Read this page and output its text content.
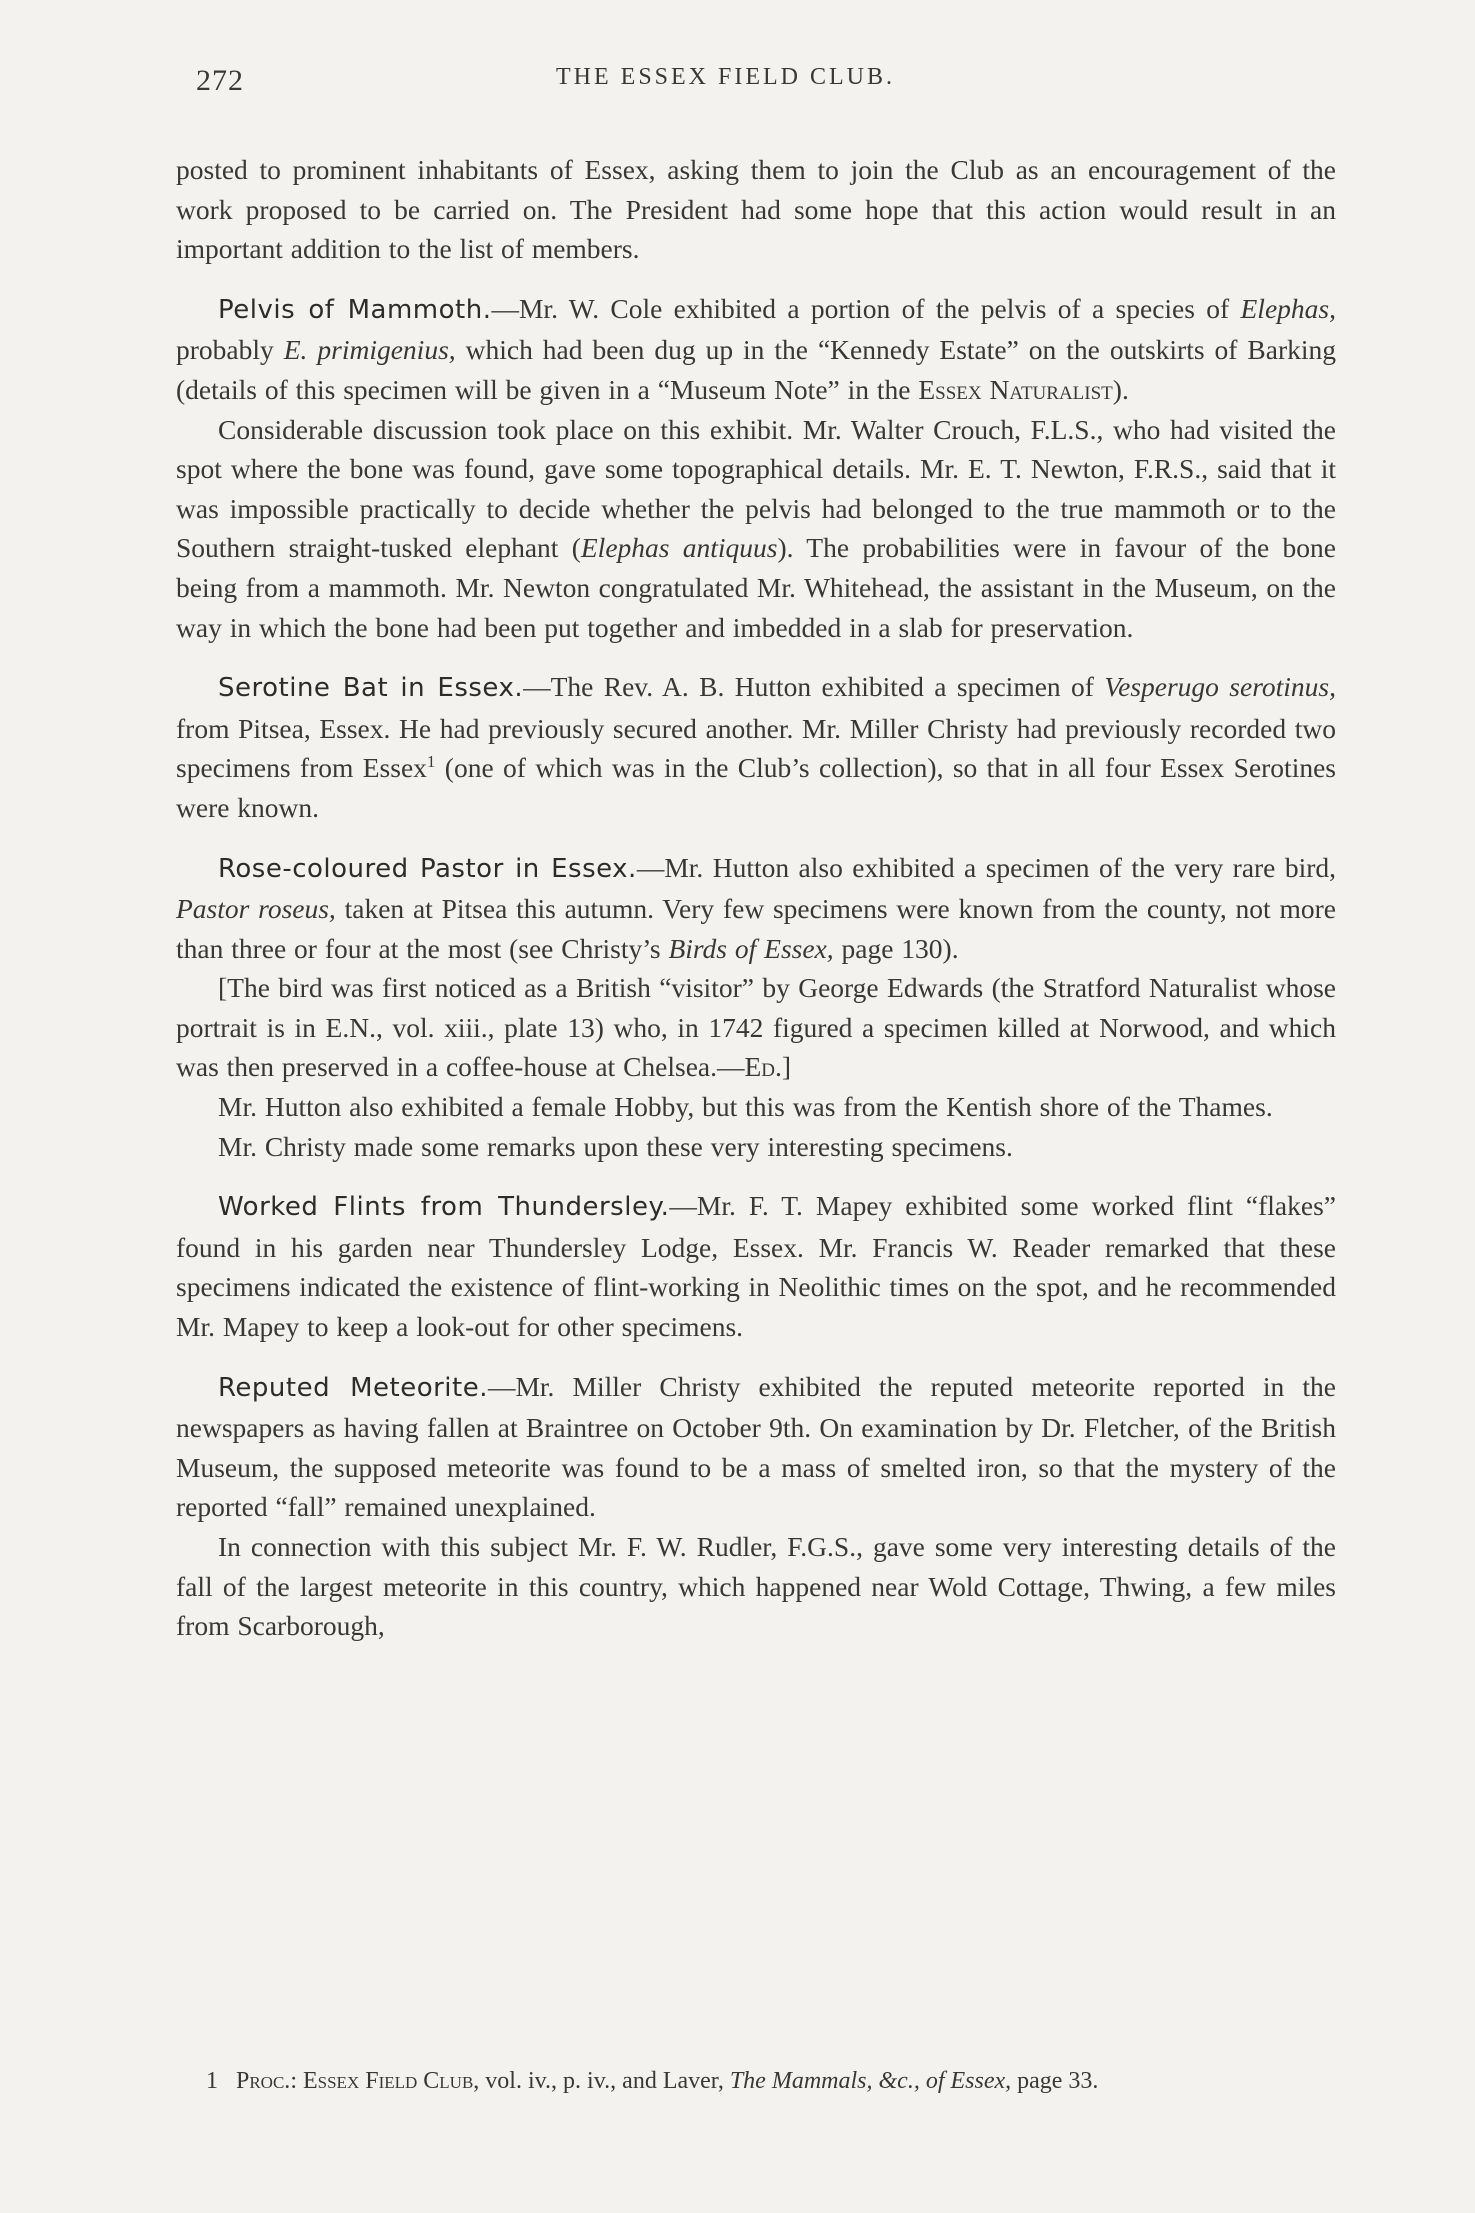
272	THE ESSEX FIELD CLUB.

posted to prominent inhabitants of Essex, asking them to join the Club as an encouragement of the work proposed to be carried on. The President had some hope that this action would result in an important addition to the list of members.

Pelvis of Mammoth.—Mr. W. Cole exhibited a portion of the pelvis of a species of Elephas, probably E. primigenius, which had been dug up in the “Kennedy Estate” on the outskirts of Barking (details of this specimen will be given in a “Museum Note” in the Essex Naturalist).

Considerable discussion took place on this exhibit. Mr. Walter Crouch, F.L.S., who had visited the spot where the bone was found, gave some topographical details. Mr. E. T. Newton, F.R.S., said that it was impossible practically to decide whether the pelvis had belonged to the true mammoth or to the Southern straight-tusked elephant (Elephas antiquus). The probabilities were in favour of the bone being from a mammoth. Mr. Newton congratulated Mr. Whitehead, the assistant in the Museum, on the way in which the bone had been put together and imbedded in a slab for preservation.

Serotine Bat in Essex.—The Rev. A. B. Hutton exhibited a specimen of Vesperugo serotinus, from Pitsea, Essex. He had previously secured another. Mr. Miller Christy had previously recorded two specimens from Essex$^1$ (one of which was in the Club’s collection), so that in all four Essex Serotines were known.

Rose-coloured Pastor in Essex.—Mr. Hutton also exhibited a specimen of the very rare bird, Pastor roseus, taken at Pitsea this autumn. Very few specimens were known from the county, not more than three or four at the most (see Christy’s Birds of Essex, page 130).

[The bird was first noticed as a British “visitor” by George Edwards (the Stratford Naturalist whose portrait is in E.N., vol. xiii., plate 13) who, in 1742 figured a specimen killed at Norwood, and which was then preserved in a coffee-house at Chelsea.—Ed.]

Mr. Hutton also exhibited a female Hobby, but this was from the Kentish shore of the Thames.

Mr. Christy made some remarks upon these very interesting specimens.

Worked Flints from Thundersley.—Mr. F. T. Mapey exhibited some worked flint “flakes” found in his garden near Thundersley Lodge, Essex. Mr. Francis W. Reader remarked that these specimens indicated the existence of flint-working in Neolithic times on the spot, and he recommended Mr. Mapey to keep a look-out for other specimens.

Reputed Meteorite.—Mr. Miller Christy exhibited the reputed meteorite reported in the newspapers as having fallen at Braintree on October 9th. On examination by Dr. Fletcher, of the British Museum, the supposed meteorite was found to be a mass of smelted iron, so that the mystery of the reported “fall” remained unexplained.

In connection with this subject Mr. F. W. Rudler, F.G.S., gave some very interesting details of the fall of the largest meteorite in this country, which happened near Wold Cottage, Thwing, a few miles from Scarborough,

1 Proc.: Essex Field Club, vol. iv., p. iv., and Laver, The Mammals, &c., of Essex, page 33.
